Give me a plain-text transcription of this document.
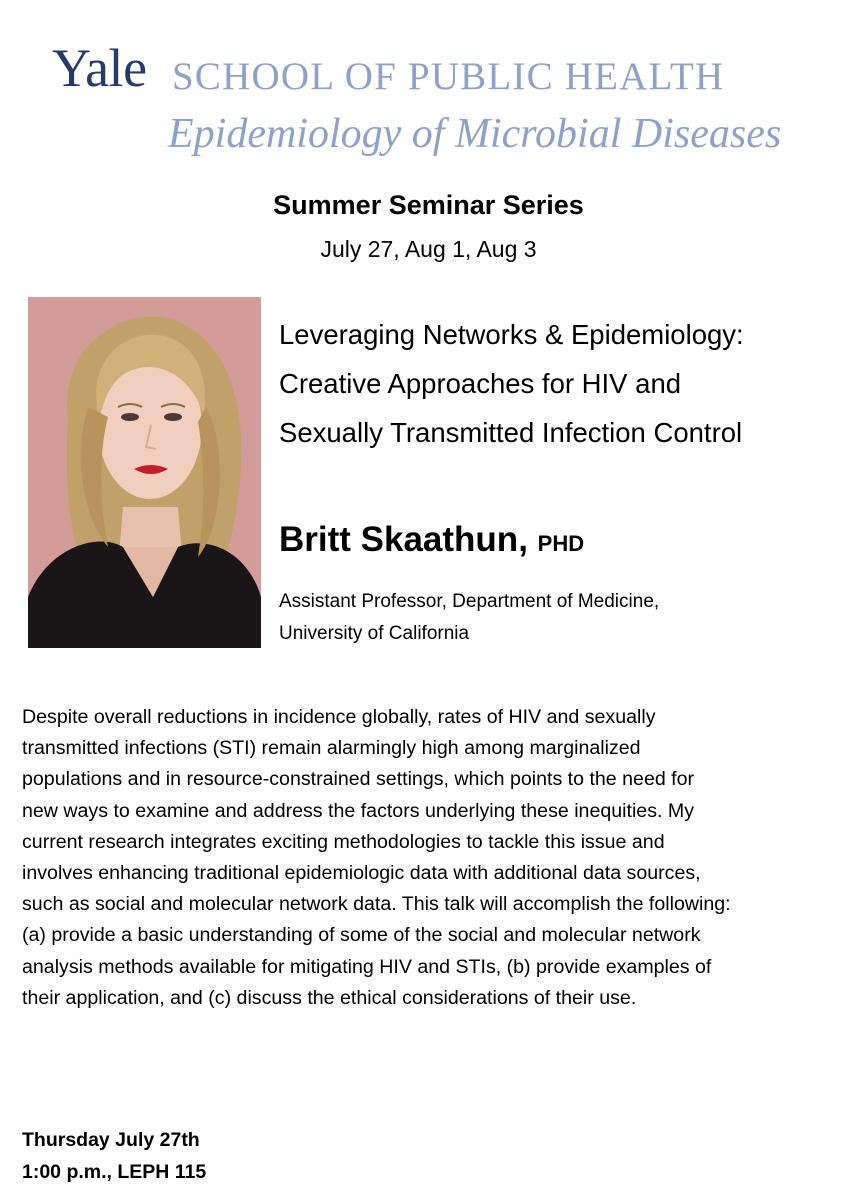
Yale SCHOOL OF PUBLIC HEALTH
Epidemiology of Microbial Diseases
Summer Seminar Series
July 27, Aug 1, Aug 3
Leveraging Networks & Epidemiology:
Creative Approaches for HIV and
Sexually Transmitted Infection Control
Britt Skaathun, PHD
Assistant Professor, Department of Medicine,
University of California
Despite overall reductions in incidence globally, rates of HIV and sexually
transmitted infections (STI) remain alarmingly high among marginalized
populations and in resource-constrained settings, which points to the need for
new ways to examine and address the factors underlying these inequities. My
current research integrates exciting methodologies to tackle this issue and
involves enhancing traditional epidemiologic data with additional data sources,
such as social and molecular network data. This talk will accomplish the following:
(a) provide a basic understanding of some of the social and molecular network
analysis methods available for mitigating HIV and STIs, (b) provide examples of
their application, and (c) discuss the ethical considerations of their use.
Thursday July 27th
1:00 p.m., LEPH 115
